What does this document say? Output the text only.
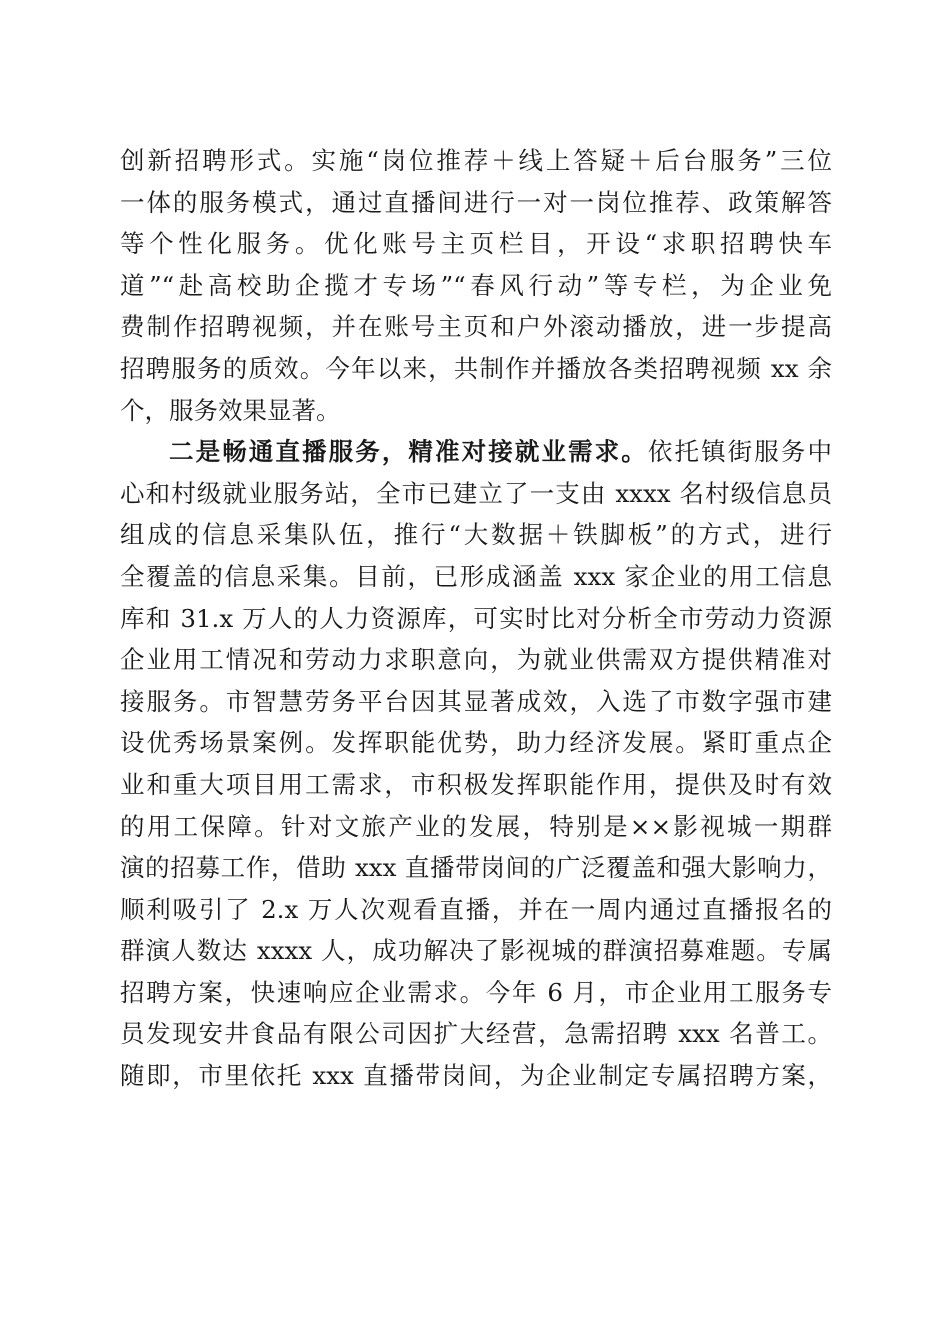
创新招聘形式。实施“岗位推荐＋线上答疑＋后台服务”三位
一体的服务模式，通过直播间进行一对一岗位推荐、政策解答
等个性化服务。优化账号主页栏目，开设“求职招聘快车
道”“赴高校助企揽才专场”“春风行动”等专栏，为企业免
费制作招聘视频，并在账号主页和户外滚动播放，进一步提高
招聘服务的质效。今年以来，共制作并播放各类招聘视频 xx 余
个，服务效果显著。
二是畅通直播服务，精准对接就业需求。依托镇街服务中
心和村级就业服务站，全市已建立了一支由 xxxx 名村级信息员
组成的信息采集队伍，推行“大数据＋铁脚板”的方式，进行
全覆盖的信息采集。目前，已形成涵盖 xxx 家企业的用工信息
库和 31.x 万人的人力资源库，可实时比对分析全市劳动力资源
企业用工情况和劳动力求职意向，为就业供需双方提供精准对
接服务。市智慧劳务平台因其显著成效，入选了市数字强市建
设优秀场景案例。发挥职能优势，助力经济发展。紧盯重点企
业和重大项目用工需求，市积极发挥职能作用，提供及时有效
的用工保障。针对文旅产业的发展，特别是××影视城一期群
演的招募工作，借助 xxx 直播带岗间的广泛覆盖和强大影响力，
顺利吸引了 2.x 万人次观看直播，并在一周内通过直播报名的
群演人数达 xxxx 人，成功解决了影视城的群演招募难题。专属
招聘方案，快速响应企业需求。今年 6 月，市企业用工服务专
员发现安井食品有限公司因扩大经营，急需招聘 xxx 名普工。
随即，市里依托 xxx 直播带岗间，为企业制定专属招聘方案，
